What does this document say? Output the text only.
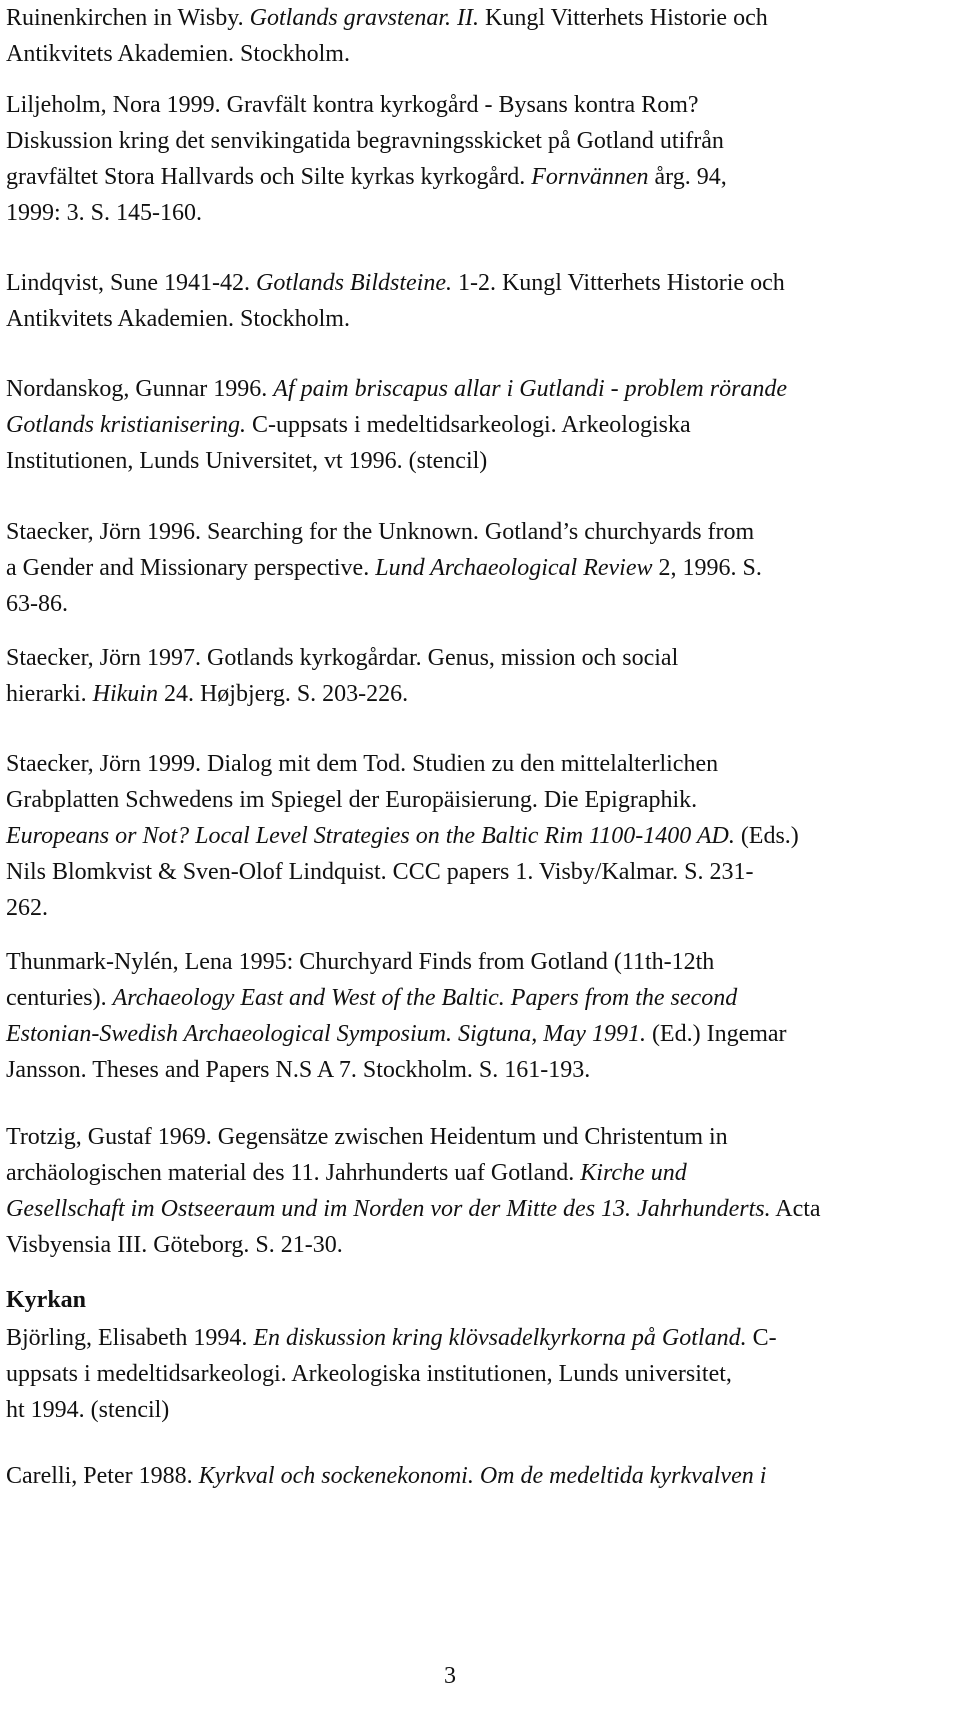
Ruinenkirchen in Wisby. Gotlands gravstenar. II. Kungl Vitterhets Historie och
Antikvitets Akademien. Stockholm.
Liljeholm, Nora 1999. Gravfält kontra kyrkogård - Bysans kontra Rom?
Diskussion kring det senvikingatida begravningsskicket på Gotland utifrån
gravfältet Stora Hallvards och Silte kyrkas kyrkogård. Fornvännen årg. 94,
1999: 3. S. 145-160.
Lindqvist, Sune 1941-42. Gotlands Bildsteine. 1-2. Kungl Vitterhets Historie och
Antikvitets Akademien. Stockholm.
Nordanskog, Gunnar 1996. Af paim briscapus allar i Gutlandi - problem rörande
Gotlands kristianisering. C-uppsats i medeltidsarkeologi. Arkeologiska
Institutionen, Lunds Universitet, vt 1996. (stencil)
Staecker, Jörn 1996. Searching for the Unknown. Gotland’s churchyards from
a Gender and Missionary perspective. Lund Archaeological Review 2, 1996. S.
63-86.
Staecker, Jörn 1997. Gotlands kyrkogårdar. Genus, mission och social
hierarki. Hikuin 24. Højbjerg. S. 203-226.
Staecker, Jörn 1999. Dialog mit dem Tod. Studien zu den mittelalterlichen
Grabplatten Schwedens im Spiegel der Europäisierung. Die Epigraphik.
Europeans or Not? Local Level Strategies on the Baltic Rim 1100-1400 AD. (Eds.)
Nils Blomkvist & Sven-Olof Lindquist. CCC papers 1. Visby/Kalmar. S. 231-
262.
Thunmark-Nylén, Lena 1995: Churchyard Finds from Gotland (11th-12th
centuries). Archaeology East and West of the Baltic. Papers from the second
Estonian-Swedish Archaeological Symposium. Sigtuna, May 1991. (Ed.) Ingemar
Jansson. Theses and Papers N.S A 7. Stockholm. S. 161-193.
Trotzig, Gustaf 1969. Gegensätze zwischen Heidentum und Christentum in
archäologischen material des 11. Jahrhunderts uaf Gotland. Kirche und
Gesellschaft im Ostseeraum und im Norden vor der Mitte des 13. Jahrhunderts. Acta
Visbyensia III. Göteborg. S. 21-30.
Kyrkan
Björling, Elisabeth 1994. En diskussion kring klövsadelkyrkorna på Gotland. C-
uppsats i medeltidsarkeologi. Arkeologiska institutionen, Lunds universitet,
ht 1994. (stencil)
Carelli, Peter 1988. Kyrkval och sockenekonomi. Om de medeltida kyrkvalven i
3
